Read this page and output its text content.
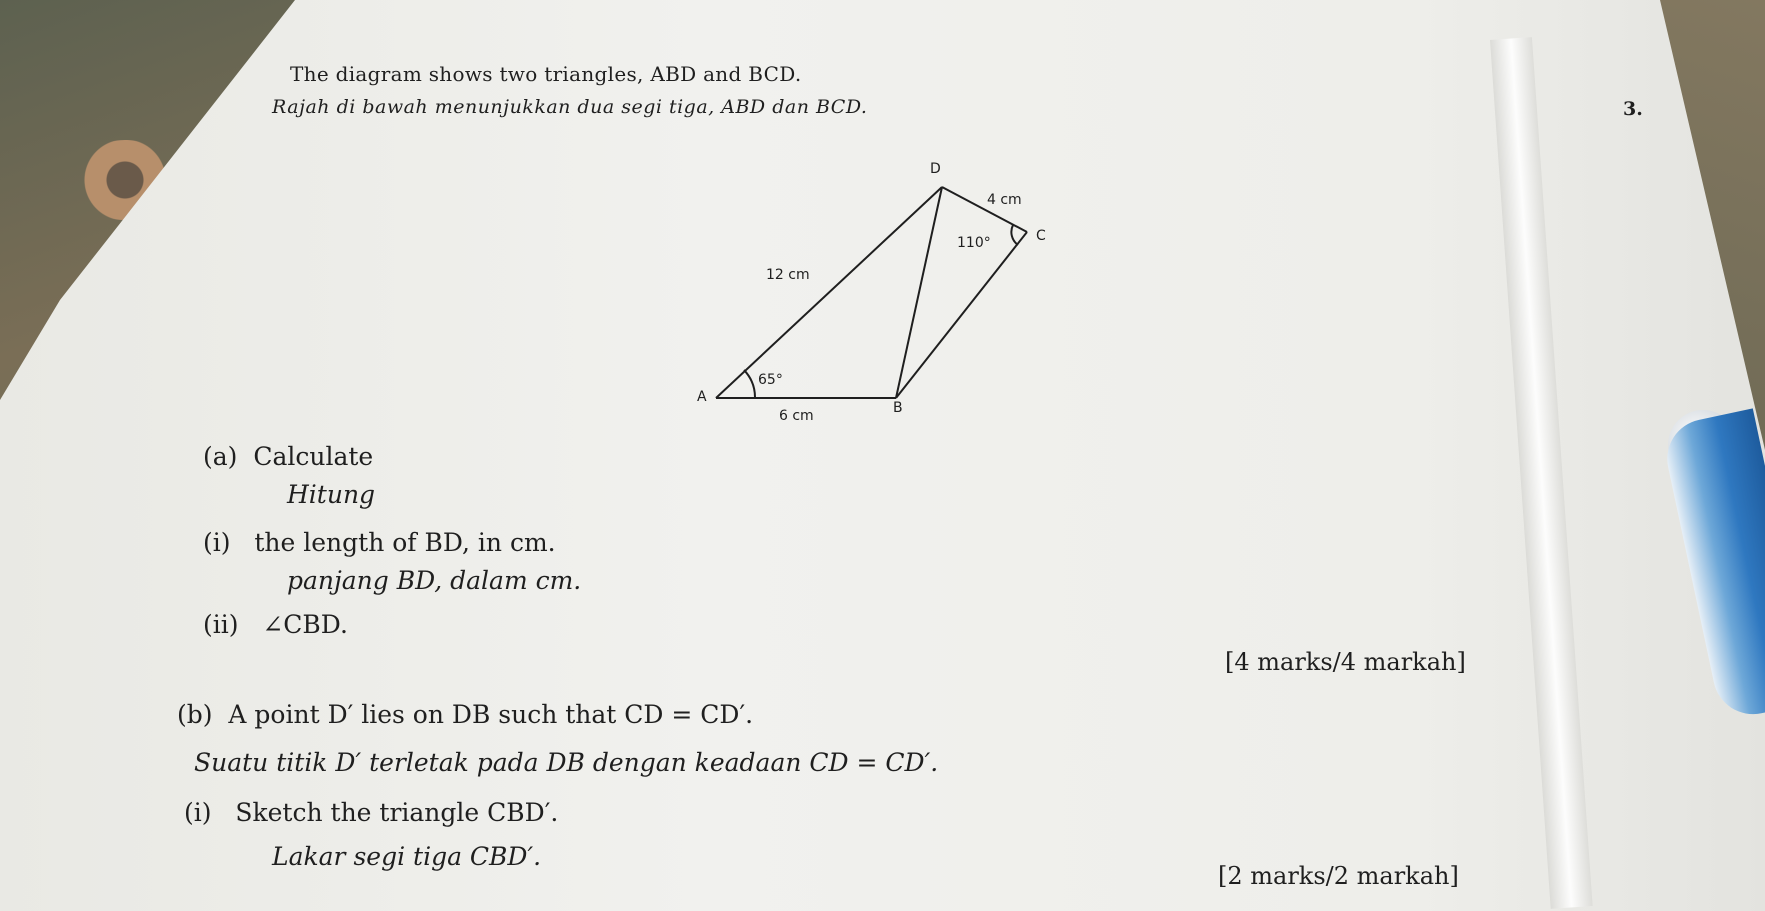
The diagram shows two triangles, ABD and BCD.
Rajah di bawah menunjukkan dua segi tiga, ABD dan BCD.	3.
D
C
A
B
4 cm
110°
12 cm
65°
6 cm
(a) Calculate
Hitung
(i) the length of BD, in cm.
panjang BD, dalam cm.
(ii) ∠CBD.
[4 marks/4 markah]
(b) A point D′ lies on DB such that CD = CD′.
Suatu titik D′ terletak pada DB dengan keadaan CD = CD′.
(i) Sketch the triangle CBD′.
Lakar segi tiga CBD′.
[2 marks/2 markah]
